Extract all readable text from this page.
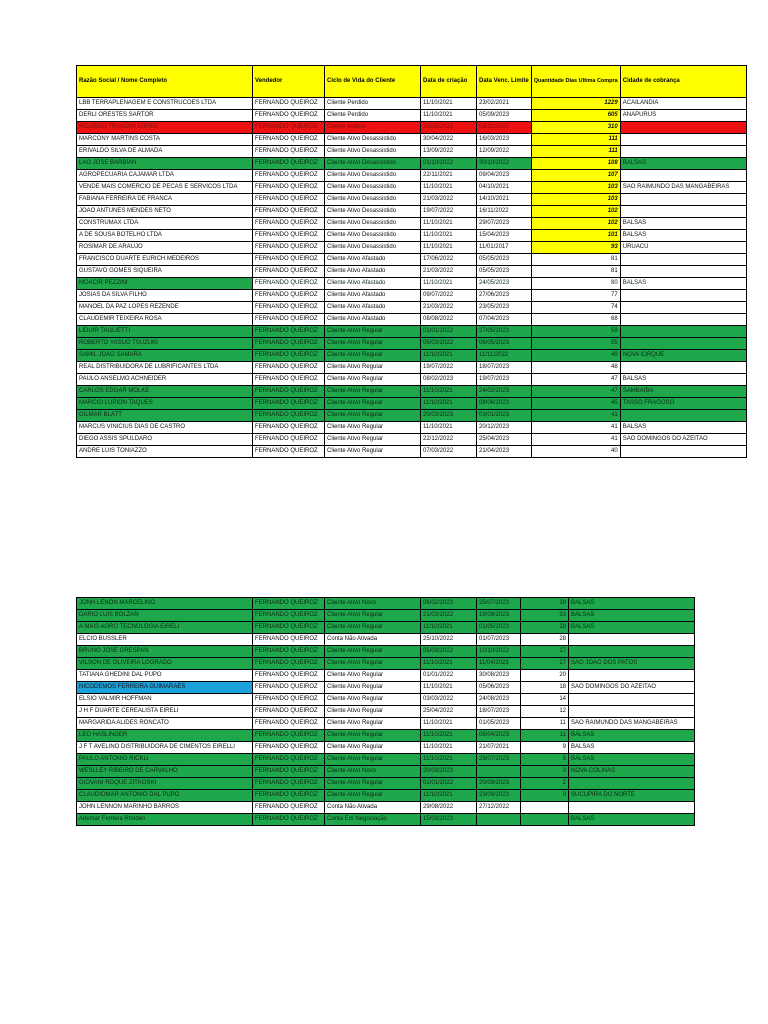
Razão Social / Nome Completo	Vendedor	Ciclo de Vida do Cliente	Data de criação	Data Venc. Limite	Quantidade Dias Ultima Compra	Cidade de cobrança
LBB TERRAPLENAGEM E CONSTRUCOES LTDA	FERNANDO QUEIROZ	Cliente Perdido	11/10/2021	23/02/2021	1229	ACAILANDIA
DERLI ORESTES SARTOR	FERNANDO QUEIROZ	Cliente Perdido	11/10/2021	05/09/2023	605	ANAPURUS
RICARDO TRAMONI LOPES	FERNANDO QUEIROZ	Cliente Inativo	21/03/2022	03/11/2022	310	
MARCONY MARTINS COSTA	FERNANDO QUEIROZ	Cliente Ativo Desassistido	30/04/2022	16/03/2023	111	
ERIVALDO SILVA DE ALMADA	FERNANDO QUEIROZ	Cliente Ativo Desassistido	13/09/2022	12/09/2022	111	
LAO JOSE BARBIAN	FERNANDO QUEIROZ	Cliente Ativo Desassistido	01/10/2022	30/10/2022	108	BALSAS
AGROPECUARIA CAJAMAR LTDA	FERNANDO QUEIROZ	Cliente Ativo Desassistido	22/11/2021	09/04/2023	107	
VENDE MAIS COMERCIO DE PECAS E SERVICOS LTDA	FERNANDO QUEIROZ	Cliente Ativo Desassistido	11/10/2021	04/10/2021	103	SAO RAIMUNDO DAS MANGABEIRAS
FABIANA FERREIRA DE FRANCA	FERNANDO QUEIROZ	Cliente Ativo Desassistido	21/03/2022	14/10/2021	103	
JOAO ANTUNES MENDES NETO	FERNANDO QUEIROZ	Cliente Ativo Desassistido	19/07/2022	16/11/2022	102	
CONSTRUMAX LTDA	FERNANDO QUEIROZ	Cliente Ativo Desassistido	11/10/2021	29/07/2023	102	BALSAS
A DE SOUSA BOTELHO LTDA	FERNANDO QUEIROZ	Cliente Ativo Desassistido	11/10/2021	15/04/2023	101	BALSAS
ROSIMAR DE ARAUJO	FERNANDO QUEIROZ	Cliente Ativo Desassistido	11/10/2021	11/01/2017	93	URUACU
FRANCISCO DUARTE EURICH MEDEIROS	FERNANDO QUEIROZ	Cliente Ativo Afastado	17/06/2022	05/05/2023	81	
GUSTAVO GOMES SIQUEIRA	FERNANDO QUEIROZ	Cliente Ativo Afastado	21/03/2022	05/05/2023	81	
MOACIR PEZZINI	FERNANDO QUEIROZ	Cliente Ativo Afastado	11/10/2021	24/05/2023	80	BALSAS
JOSIAS DA SILVA FILHO	FERNANDO QUEIROZ	Cliente Ativo Afastado	09/07/2022	27/06/2023	77	
MANOEL DA PAZ LOPES REZENDE	FERNANDO QUEIROZ	Cliente Ativo Afastado	21/03/2022	23/05/2023	74	
CLAUDEMIR TEIXEIRA ROSA	FERNANDO QUEIROZ	Cliente Ativo Afastado	08/08/2022	07/04/2023	68	
LIDUIR TAGLIETTI	FERNANDO QUEIROZ	Cliente Ativo Regular	01/01/2022	27/05/2023	59	
ROBERTO YASUO TSUZUKI	FERNANDO QUEIROZ	Cliente Ativo Regular	05/03/2022	06/05/2023	55	
SAMIL JOAO SAMARA	FERNANDO QUEIROZ	Cliente Ativo Regular	11/10/2021	11/11/2022	49	NOVA IORQUE
REAL DISTRIBUIDORA DE LUBRIFICANTES LTDA	FERNANDO QUEIROZ	Cliente Ativo Regular	19/07/2022	18/07/2023	48	
PAULO ANSELMO ACHNEIDER	FERNANDO QUEIROZ	Cliente Ativo Regular	08/02/2023	19/07/2023	47	BALSAS
CARLOS EDGAR MOLKE	FERNANDO QUEIROZ	Cliente Ativo Regular	11/10/2021	24/02/2023	47	SAMBAIBA
MARCIO LUPION TAQUES	FERNANDO QUEIROZ	Cliente Ativo Regular	11/10/2021	08/06/2023	45	TASSO FRAGOSO
GILMAR BLATT	FERNANDO QUEIROZ	Cliente Ativo Regular	20/03/2023	03/01/2023	41	
MARCUS VINICIUS DIAS DE CASTRO	FERNANDO QUEIROZ	Cliente Ativo Regular	11/10/2021	20/12/2023	41	BALSAS
DIEGO ASSIS SPULDARO	FERNANDO QUEIROZ	Cliente Ativo Regular	22/12/2022	25/04/2023	41	SAO DOMINGOS DO AZEITAO
ANDRE LUIS TONIAZZO	FERNANDO QUEIROZ	Cliente Ativo Regular	07/03/2022	21/04/2023	40	
JONH LENON MARCELINO	FERNANDO QUEIROZ	Cliente Ativo Novo	06/02/2023	25/07/2023	39	BALSAS
DARIO LUIS BOLZAN	FERNANDO QUEIROZ	Cliente Ativo Regular	21/03/2022	19/08/2023	33	BALSAS
A MAIS AGRO TECNOLOGIA EIRELI	FERNANDO QUEIROZ	Cliente Ativo Regular	11/10/2021	01/05/2023	28	BALSAS
ELCIO BUSSLER	FERNANDO QUEIROZ	Conta Não Ativada	25/10/2022	01/07/2023	28	
BRUNO JOSE GRESPAN	FERNANDO QUEIROZ	Cliente Ativo Regular	05/03/2022	10/10/2022	27	
VILSON DE OLIVEIRA LOGRADO	FERNANDO QUEIROZ	Cliente Ativo Regular	11/10/2021	11/04/2023	27	SAO JOAO DOS PATOS
TATIANA GHEDINI DAL PUPO	FERNANDO QUEIROZ	Cliente Ativo Regular	01/01/2022	30/08/2023	20	
NICODEMOS FERREIRA GUIMARAES	FERNANDO QUEIROZ	Cliente Ativo Regular	11/10/2021	05/06/2023	18	SAO DOMINGOS DO AZEITAO
ELSIO VALMIR HOFFMAN	FERNANDO QUEIROZ	Cliente Ativo Regular	03/03/2022	24/08/2023	14	
J H F DUARTE CEREALISTA EIRELI	FERNANDO QUEIROZ	Cliente Ativo Regular	25/04/2022	18/07/2023	12	
MARGARIDA ALIDES RONCATO	FERNANDO QUEIROZ	Cliente Ativo Regular	11/10/2021	01/05/2023	11	SAO RAIMUNDO DAS MANGABEIRAS
LEO HASLINGER	FERNANDO QUEIROZ	Cliente Ativo Regular	11/10/2021	08/04/2023	11	BALSAS
J F T AVELINO DISTRIBUIDORA DE CIMENTOS EIRELLI	FERNANDO QUEIROZ	Cliente Ativo Regular	11/10/2021	21/07/2021	9	BALSAS
PAULO ANTONIO RICKLI	FERNANDO QUEIROZ	Cliente Ativo Regular	11/10/2021	29/07/2023	5	BALSAS
WESLLEY RIBEIRO DE CARVALHO	FERNANDO QUEIROZ	Cliente Ativo Novo	20/03/2023		3	NOVA COLINAS
GIOVANI ROQUE ZITKOSKI	FERNANDO QUEIROZ	Cliente Ativo Regular	01/01/2022	20/09/2023	2	
CLAUDIOMAR ANTONIO DAL PUPO	FERNANDO QUEIROZ	Cliente Ativo Regular	11/10/2021	23/09/2023	0	SUCUPIRA DO NORTE
JOHN LENNON MARINHO BARROS	FERNANDO QUEIROZ	Conta Não Ativada	29/08/2022	27/12/2022		
Ademar Ferreira Rhoden	FERNANDO QUEIROZ	Conta Em Negociação	15/03/2023			BALSAS
